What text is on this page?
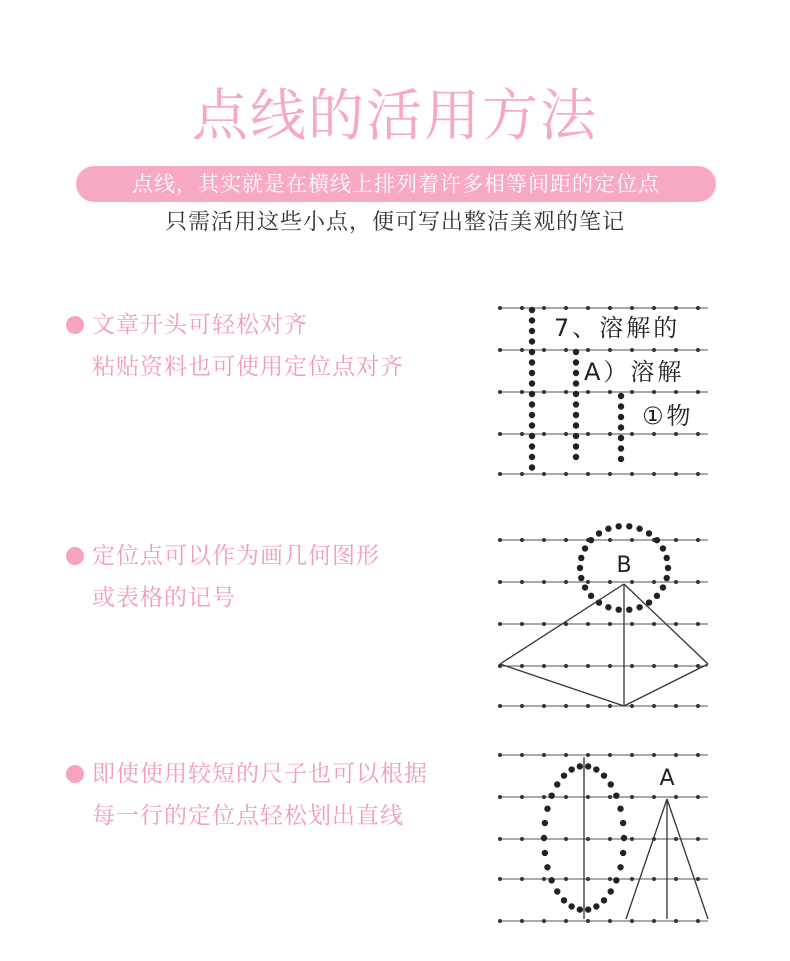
点线的活用方法
点线，其实就是在横线上排列着许多相等间距的定位点
只需活用这些小点，便可写出整洁美观的笔记
文章开头可轻松对齐
粘贴资料也可使用定位点对齐
定位点可以作为画几何图形
或表格的记号
即使使用较短的尺子也可以根据
每一行的定位点轻松划出直线
7、溶解的
A）溶解
①物
B
A
